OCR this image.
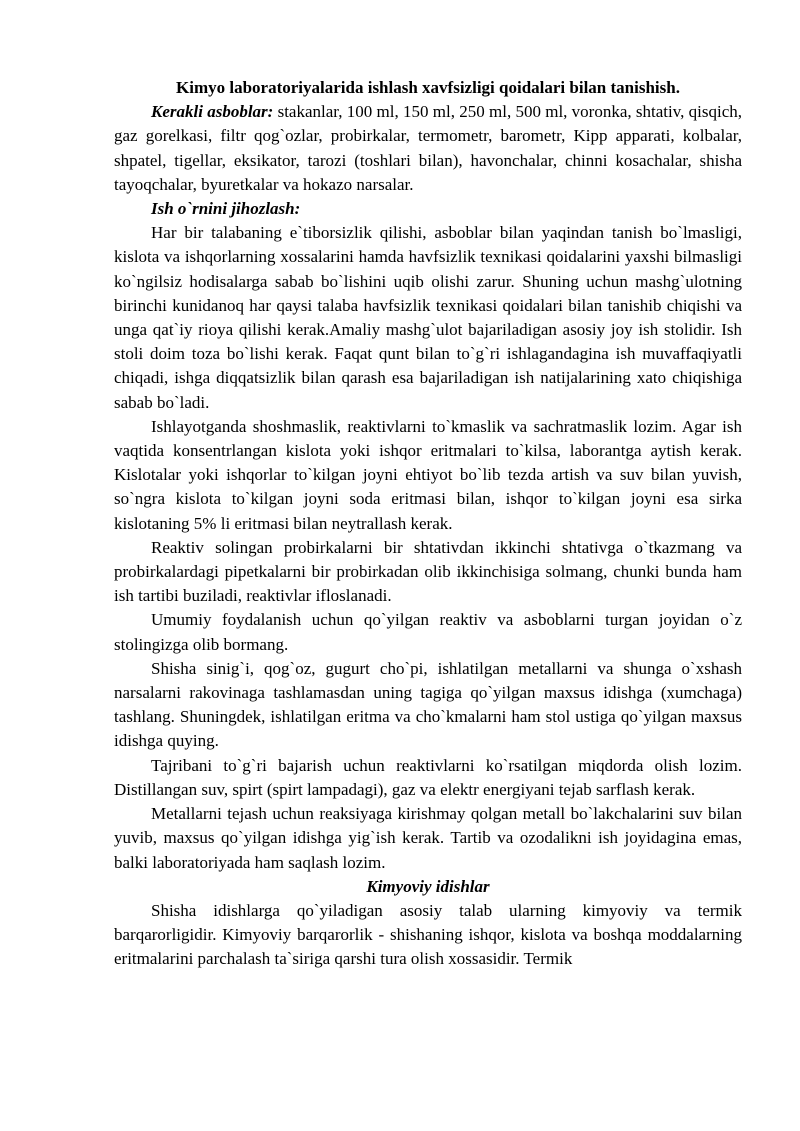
Kimyo laboratoriyalarida ishlash xavfsizligi qoidalari bilan tanishish.

Kerakli asboblar: stakanlar, 100 ml, 150 ml, 250 ml, 500 ml, voronka, shtativ, qisqich, gaz gorelkasi, filtr qog`ozlar, probirkalar, termometr, barometr, Kipp apparati, kolbalar, shpatel, tigellar, eksikator, tarozi (toshlari bilan), havonchalar, chinni kosachalar, shisha tayoqchalar, byuretkalar va hokazo narsalar.

Ish o`rnini jihozlash:

Har bir talabaning e`tiborsizlik qilishi, asboblar bilan yaqindan tanish bo`lmasligi, kislota va ishqorlarning xossalarini hamda havfsizlik texnikasi qoidalarini yaxshi bilmasligi ko`ngilsiz hodisalarga sabab bo`lishini uqib olishi zarur. Shuning uchun mashg`ulotning birinchi kunidanoq har qaysi talaba havfsizlik texnikasi qoidalari bilan tanishib chiqishi va unga qat`iy rioya qilishi kerak.Amaliy mashg`ulot bajariladigan asosiy joy ish stolidir. Ish stoli doim toza bo`lishi kerak. Faqat qunt bilan to`g`ri ishlagandagina ish muvaffaqiyatli chiqadi, ishga diqqatsizlik bilan qarash esa bajariladigan ish natijalarining xato chiqishiga sabab bo`ladi.

Ishlayotganda shoshmaslik, reaktivlarni to`kmaslik va sachratmaslik lozim. Agar ish vaqtida konsentrlangan kislota yoki ishqor eritmalari to`kilsa, laborantga aytish kerak. Kislotalar yoki ishqorlar to`kilgan joyni ehtiyot bo`lib tezda artish va suv bilan yuvish, so`ngra kislota to`kilgan joyni soda eritmasi bilan, ishqor to`kilgan joyni esa sirka kislotaning 5% li eritmasi bilan neytrallash kerak.

Reaktiv solingan probirkalarni bir shtativdan ikkinchi shtativga o`tkazmang va probirkalardagi pipetkalarni bir probirkadan olib ikkinchisiga solmang, chunki bunda ham ish tartibi buziladi, reaktivlar ifloslanadi.

Umumiy foydalanish uchun qo`yilgan reaktiv va asboblarni turgan joyidan o`z stolingizga olib bormang.

Shisha sinig`i, qog`oz, gugurt cho`pi, ishlatilgan metallarni va shunga o`xshash narsalarni rakovinaga tashlamasdan uning tagiga qo`yilgan maxsus idishga (xumchaga) tashlang. Shuningdek, ishlatilgan eritma va cho`kmalarni ham stol ustiga qo`yilgan maxsus idishga quying.

Tajribani to`g`ri bajarish uchun reaktivlarni ko`rsatilgan miqdorda olish lozim. Distillangan suv, spirt (spirt lampadagi), gaz va elektr energiyani tejab sarflash kerak.

Metallarni tejash uchun reaksiyaga kirishmay qolgan metall bo`lakchalarini suv bilan yuvib, maxsus qo`yilgan idishga yig`ish kerak. Tartib va ozodalikni ish joyidagina emas, balki laboratoriyada ham saqlash lozim.

Kimyoviy idishlar

Shisha idishlarga qo`yiladigan asosiy talab ularning kimyoviy va termik barqarorligidir. Kimyoviy barqarorlik - shishaning ishqor, kislota va boshqa moddalarning eritmalarini parchalash ta`siriga qarshi tura olish xossasidir. Termik
